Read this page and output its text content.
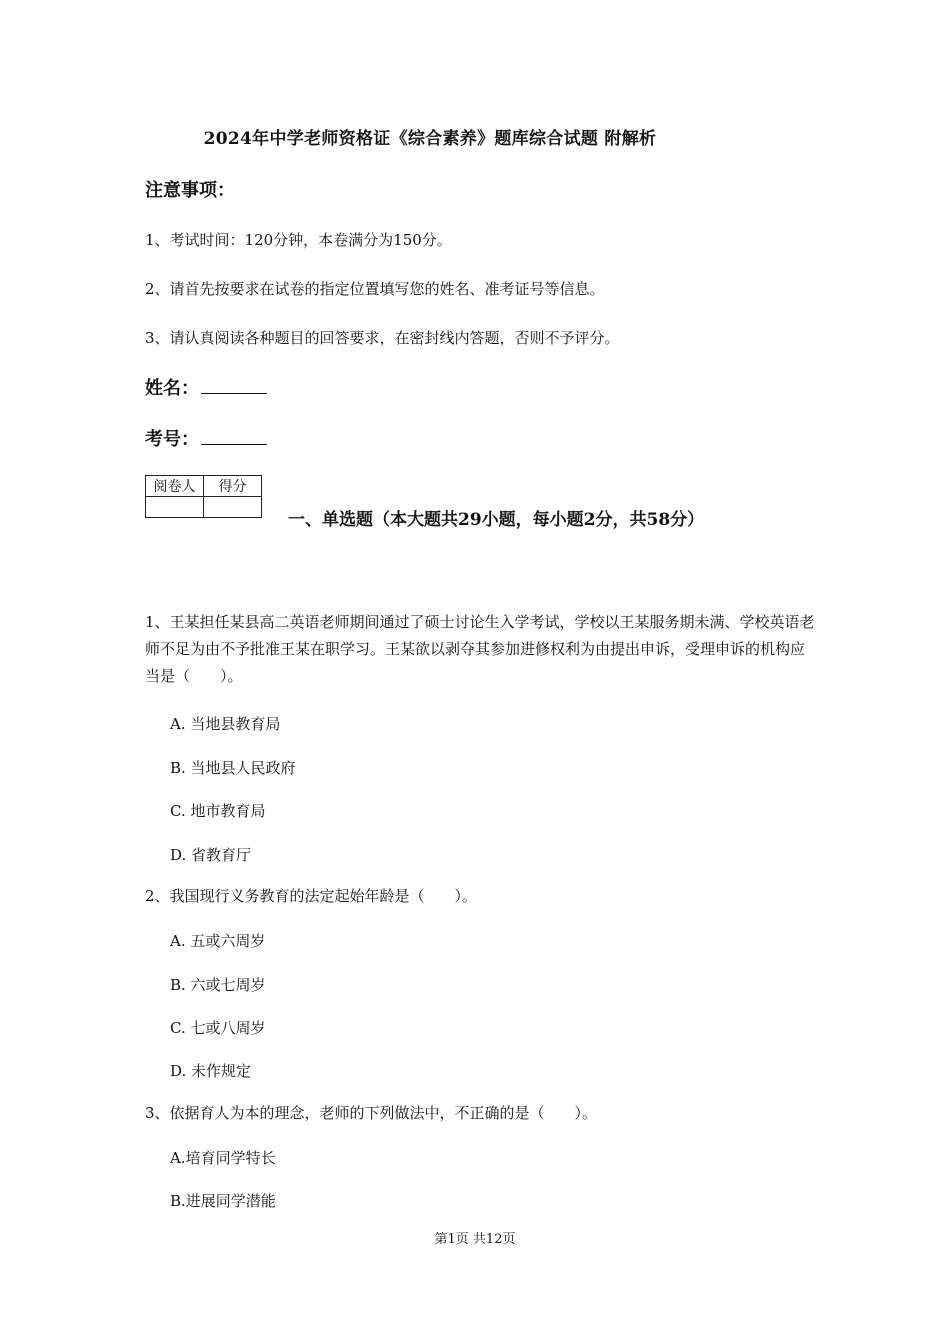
2024年中学老师资格证《综合素养》题库综合试题 附解析
注意事项：
1、考试时间：120分钟，本卷满分为150分。
2、请首先按要求在试卷的指定位置填写您的姓名、准考证号等信息。
3、请认真阅读各种题目的回答要求，在密封线内答题，否则不予评分。
姓名：
考号：
阅卷人	得分

一、单选题（本大题共29小题，每小题2分，共58分）
1、王某担任某县高二英语老师期间通过了硕士讨论生入学考试，学校以王某服务期未满、学校英语老师不足为由不予批准王某在职学习。王某欲以剥夺其参加进修权利为由提出申诉，受理申诉的机构应当是（　　）。
A. 当地县教育局
B. 当地县人民政府
C. 地市教育局
D. 省教育厅
2、我国现行义务教育的法定起始年龄是（　　）。
A. 五或六周岁
B. 六或七周岁
C. 七或八周岁
D. 未作规定
3、依据育人为本的理念，老师的下列做法中，不正确的是（　　）。
A.培育同学特长
B.进展同学潜能
第1页 共12页
